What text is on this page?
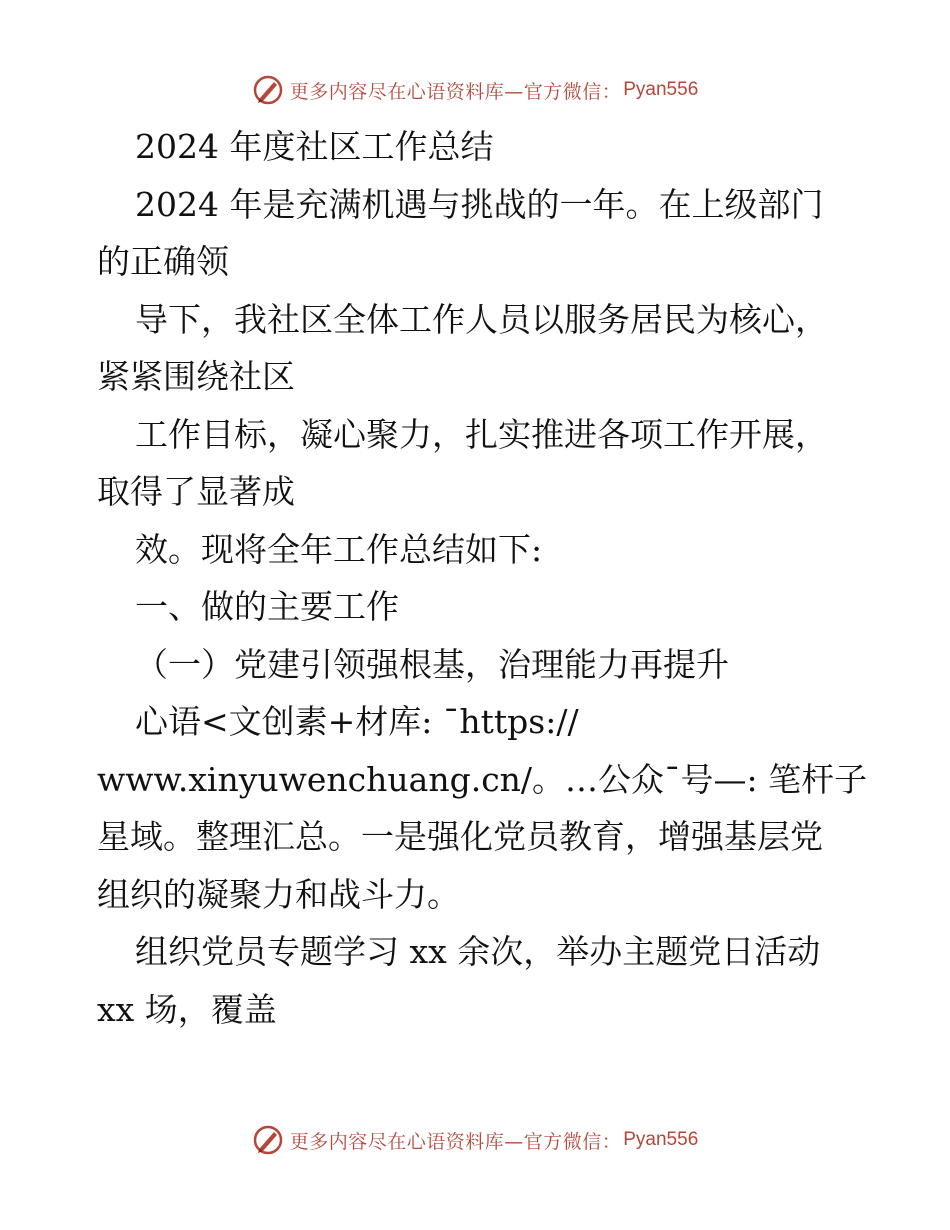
更多内容尽在心语资料库—官方微信： Pyan556
2024 年度社区工作总结
2024 年是充满机遇与挑战的一年。在上级部门
的正确领
导下，我社区全体工作人员以服务居民为核心，
紧紧围绕社区
工作目标，凝心聚力，扎实推进各项工作开展，
取得了显著成
效。现将全年工作总结如下:
一、做的主要工作
（一）党建引领强根基，治理能力再提升
心语<文创素+材库: ¯https://
www.xinyuwenchuang.cn/。…公众¯号—: 笔杆子
星域。整理汇总。一是强化党员教育，增强基层党
组织的凝聚力和战斗力。
组织党员专题学习 xx 余次，举办主题党日活动
xx 场，覆盖
更多内容尽在心语资料库—官方微信： Pyan556
